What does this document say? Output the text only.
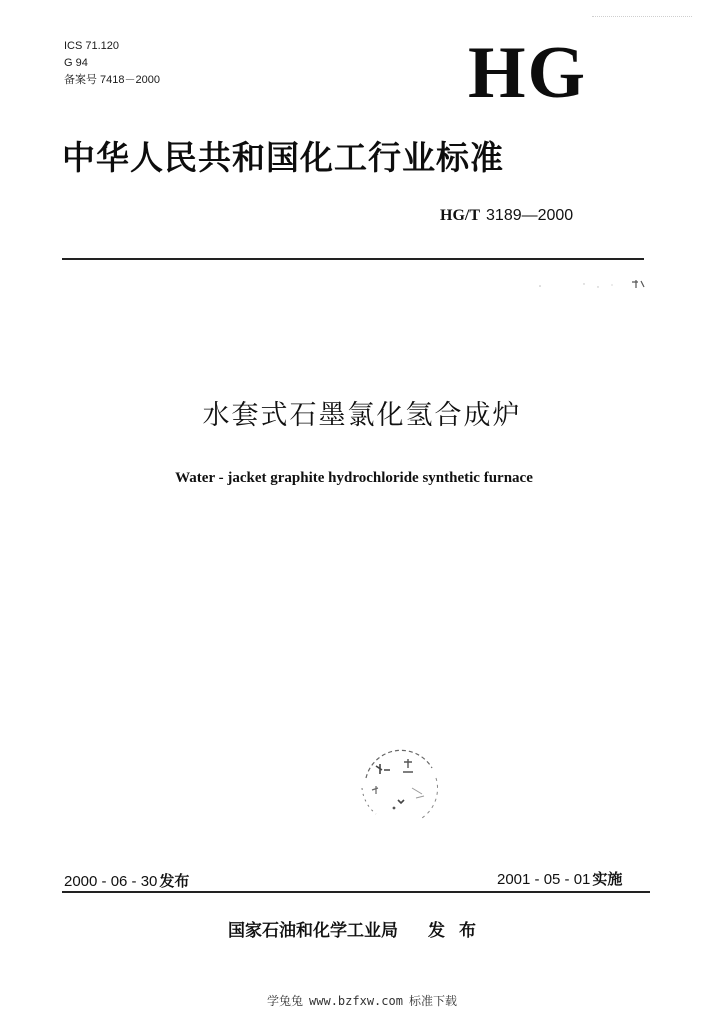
ICS 71.120
G 94
备案号 7418－2000	HG
中华人民共和国化工行业标准
HG/T 3189—2000
水套式石墨氯化氢合成炉
Water - jacket graphite hydrochloride synthetic furnace
2000 - 06 - 30 发布	2001 - 05 - 01 实施
国家石油和化学工业局 发布
学兔兔 www.bzfxw.com 标准下载
